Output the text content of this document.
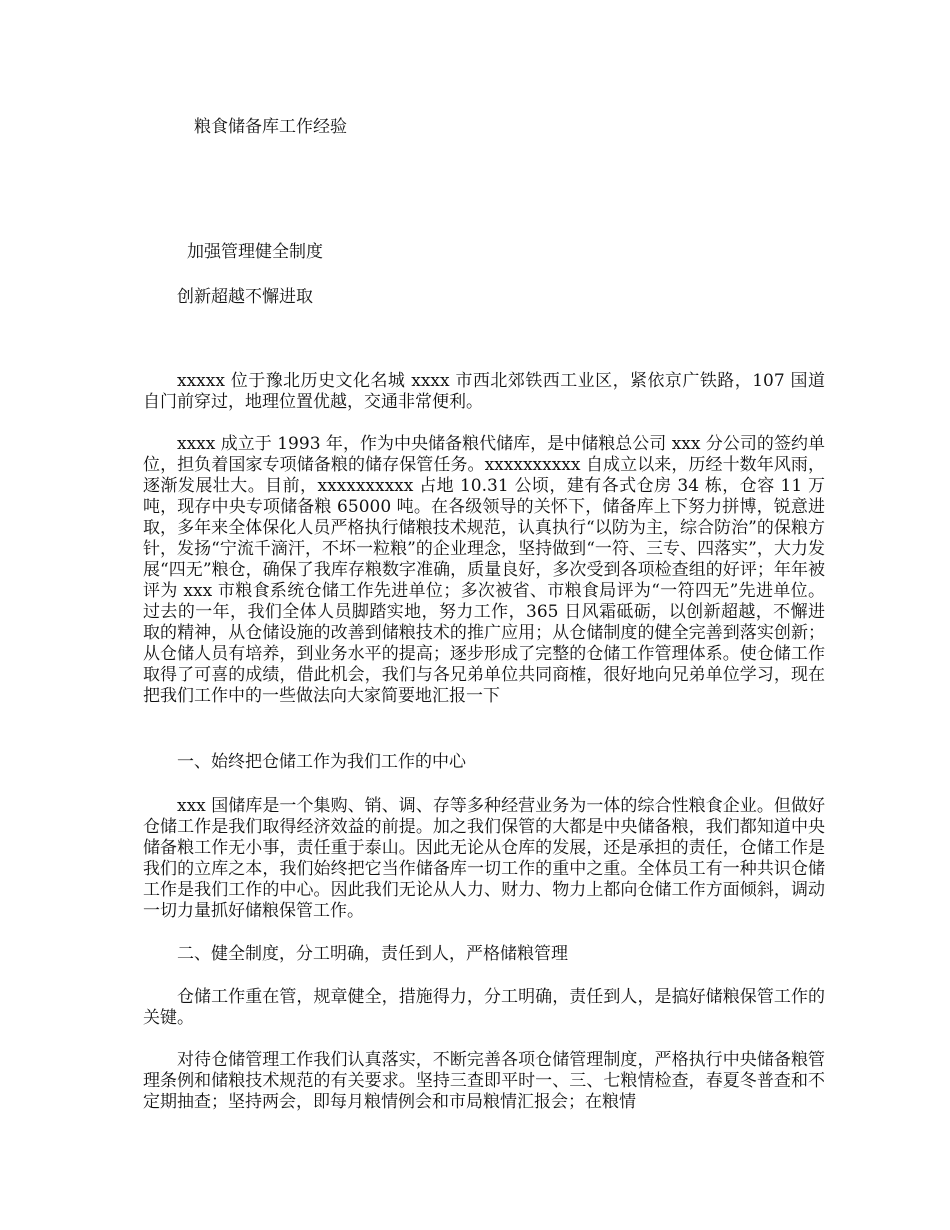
粮食储备库工作经验

加强管理健全制度

创新超越不懈进取

xxxxx 位于豫北历史文化名城 xxxx 市西北郊铁西工业区，紧依京广铁路，107 国道自门前穿过，地理位置优越，交通非常便利。

xxxx 成立于 1993 年，作为中央储备粮代储库，是中储粮总公司 xxx 分公司的签约单位，担负着国家专项储备粮的储存保管任务。xxxxxxxxxx 自成立以来，历经十数年风雨，逐渐发展壮大。目前，xxxxxxxxxx 占地 10.31 公顷，建有各式仓房 34 栋，仓容 11 万吨，现存中央专项储备粮 65000 吨。在各级领导的关怀下，储备库上下努力拼博，锐意进取，多年来全体保化人员严格执行储粮技术规范，认真执行“以防为主，综合防治”的保粮方针，发扬“宁流千滴汗，不坏一粒粮”的企业理念，坚持做到“一符、三专、四落实”，大力发展“四无”粮仓，确保了我库存粮数字准确，质量良好，多次受到各项检查组的好评；年年被评为 xxx 市粮食系统仓储工作先进单位；多次被省、市粮食局评为“一符四无”先进单位。过去的一年，我们全体人员脚踏实地，努力工作，365 日风霜砥砺，以创新超越，不懈进取的精神，从仓储设施的改善到储粮技术的推广应用；从仓储制度的健全完善到落实创新；从仓储人员有培养，到业务水平的提高；逐步形成了完整的仓储工作管理体系。使仓储工作取得了可喜的成绩，借此机会，我们与各兄弟单位共同商榷，很好地向兄弟单位学习，现在把我们工作中的一些做法向大家简要地汇报一下

一、始终把仓储工作为我们工作的中心

xxx 国储库是一个集购、销、调、存等多种经营业务为一体的综合性粮食企业。但做好仓储工作是我们取得经济效益的前提。加之我们保管的大都是中央储备粮，我们都知道中央储备粮工作无小事，责任重于泰山。因此无论从仓库的发展，还是承担的责任，仓储工作是我们的立库之本，我们始终把它当作储备库一切工作的重中之重。全体员工有一种共识仓储工作是我们工作的中心。因此我们无论从人力、财力、物力上都向仓储工作方面倾斜，调动一切力量抓好储粮保管工作。

二、健全制度，分工明确，责任到人，严格储粮管理

仓储工作重在管，规章健全，措施得力，分工明确，责任到人，是搞好储粮保管工作的关键。

对待仓储管理工作我们认真落实，不断完善各项仓储管理制度，严格执行中央储备粮管理条例和储粮技术规范的有关要求。坚持三查即平时一、三、七粮情检查，春夏冬普查和不定期抽查；坚持两会，即每月粮情例会和市局粮情汇报会；在粮情
